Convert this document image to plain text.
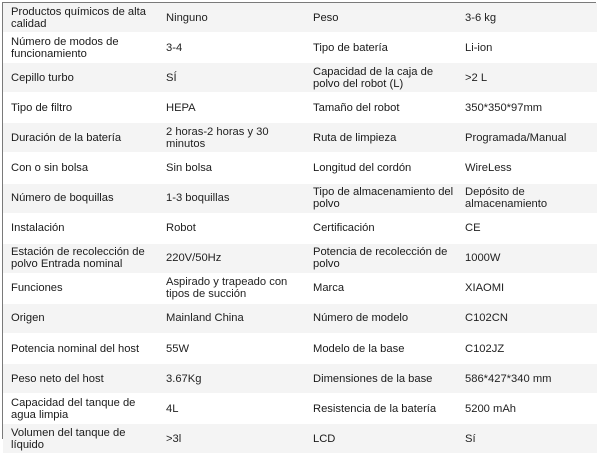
Productos químicos de alta calidad	Ninguno	Peso	3-6 kg
Número de modos de funcionamiento	3-4	Tipo de batería	Li-ion
Cepillo turbo	SÍ	Capacidad de la caja de polvo del robot (L)	>2 L
Tipo de filtro	HEPA	Tamaño del robot	350*350*97mm
Duración de la batería	2 horas-2 horas y 30 minutos	Ruta de limpieza	Programada/Manual
Con o sin bolsa	Sin bolsa	Longitud del cordón	WireLess
Número de boquillas	1-3 boquillas	Tipo de almacenamiento del polvo	Depósito de almacenamiento
Instalación	Robot	Certificación	CE
Estación de recolección de polvo Entrada nominal	220V/50Hz	Potencia de recolección de polvo	1000W
Funciones	Aspirado y trapeado con tipos de succión	Marca	XIAOMI
Origen	Mainland China	Número de modelo	C102CN
Potencia nominal del host	55W	Modelo de la base	C102JZ
Peso neto del host	3.67Kg	Dimensiones de la base	586*427*340 mm
Capacidad del tanque de agua limpia	4L	Resistencia de la batería	5200 mAh
Volumen del tanque de líquido	>3l	LCD	Sí
